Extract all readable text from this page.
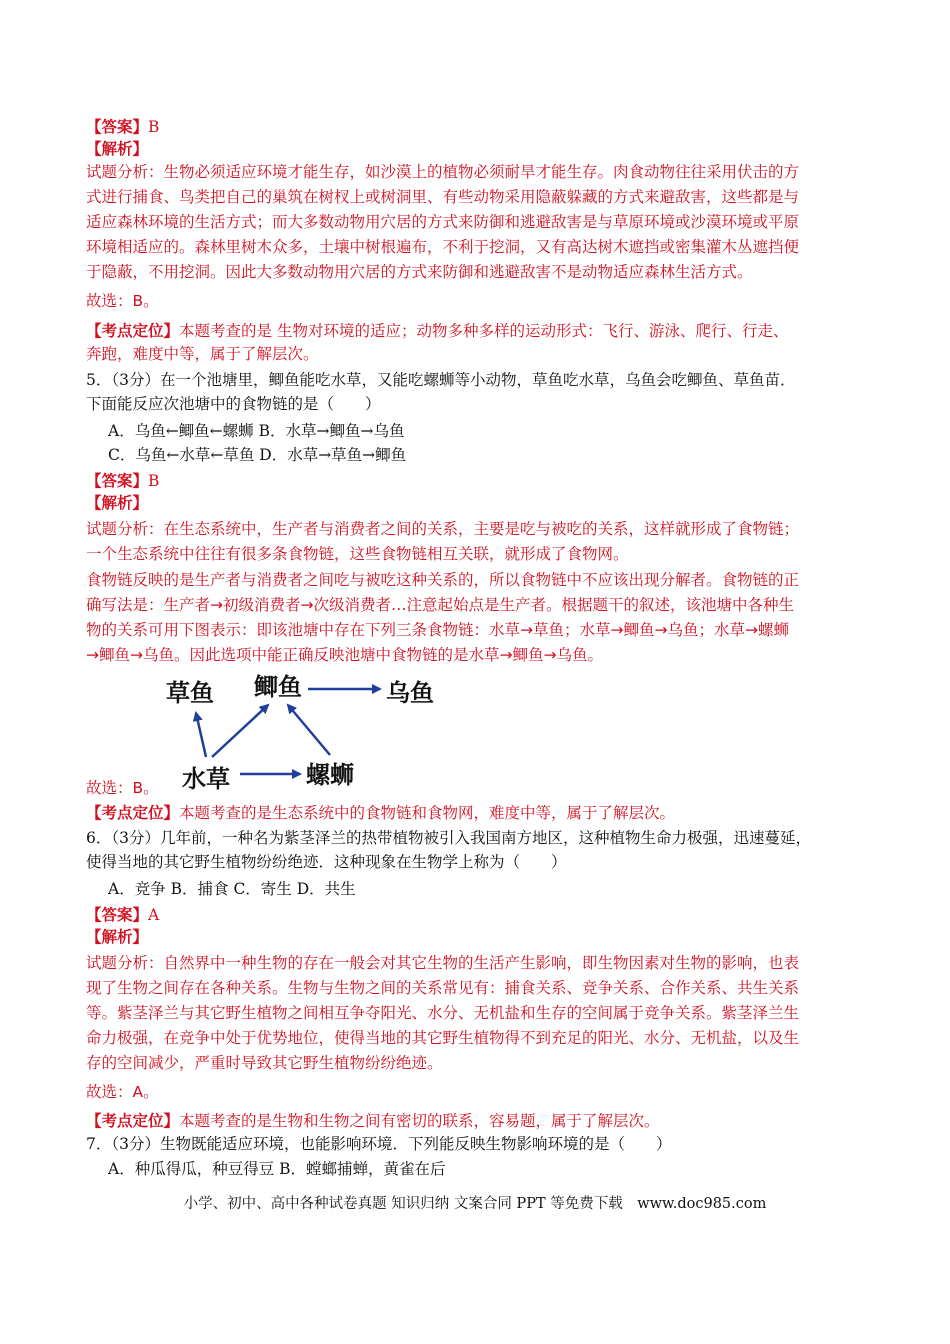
【答案】B
【解析】
试题分析：生物必须适应环境才能生存，如沙漠上的植物必须耐旱才能生存。肉食动物往往采用伏击的方
式进行捕食、鸟类把自己的巢筑在树杈上或树洞里、有些动物采用隐蔽躲藏的方式来避敌害，这些都是与
适应森林环境的生活方式；而大多数动物用穴居的方式来防御和逃避敌害是与草原环境或沙漠环境或平原
环境相适应的。森林里树木众多，土壤中树根遍布，不利于挖洞，又有高达树木遮挡或密集灌木丛遮挡便
于隐蔽，不用挖洞。因此大多数动物用穴居的方式来防御和逃避敌害不是动物适应森林生活方式。
故选：B。
【考点定位】本题考查的是 生物对环境的适应；动物多种多样的运动形式：飞行、游泳、爬行、行走、
奔跑，难度中等，属于了解层次。
5．（3分）在一个池塘里，鲫鱼能吃水草，又能吃螺蛳等小动物，草鱼吃水草，乌鱼会吃鲫鱼、草鱼苗．
下面能反应次池塘中的食物链的是（　　）
A．乌鱼←鲫鱼←螺蛳 B．水草→鲫鱼→乌鱼
C．乌鱼←水草←草鱼 D．水草→草鱼→鲫鱼
【答案】B
【解析】
试题分析：在生态系统中，生产者与消费者之间的关系，主要是吃与被吃的关系，这样就形成了食物链；
一个生态系统中往往有很多条食物链，这些食物链相互关联，就形成了食物网。
食物链反映的是生产者与消费者之间吃与被吃这种关系的，所以食物链中不应该出现分解者。食物链的正
确写法是：生产者→初级消费者→次级消费者…注意起始点是生产者。根据题干的叙述，该池塘中各种生
物的关系可用下图表示：即该池塘中存在下列三条食物链：水草→草鱼；水草→鲫鱼→乌鱼；水草→螺蛳
→鲫鱼→乌鱼。因此选项中能正确反映池塘中食物链的是水草→鲫鱼→乌鱼。
草鱼 鲫鱼	乌鱼
水草	螺蛳
故选：B。
【考点定位】本题考查的是生态系统中的食物链和食物网，难度中等，属于了解层次。
6．（3分）几年前，一种名为紫茎泽兰的热带植物被引入我国南方地区，这种植物生命力极强，迅速蔓延，
使得当地的其它野生植物纷纷绝迹．这种现象在生物学上称为（　　）
A．竞争 B．捕食 C．寄生 D．共生
【答案】A
【解析】
试题分析：自然界中一种生物的存在一般会对其它生物的生活产生影响，即生物因素对生物的影响，也表
现了生物之间存在各种关系。生物与生物之间的关系常见有：捕食关系、竞争关系、合作关系、共生关系
等。紫茎泽兰与其它野生植物之间相互争夺阳光、水分、无机盐和生存的空间属于竞争关系。紫茎泽兰生
命力极强，在竞争中处于优势地位，使得当地的其它野生植物得不到充足的阳光、水分、无机盐，以及生
存的空间减少，严重时导致其它野生植物纷纷绝迹。
故选：A。
【考点定位】本题考查的是生物和生物之间有密切的联系，容易题，属于了解层次。
7．（3分）生物既能适应环境，也能影响环境．下列能反映生物影响环境的是（　　）
A．种瓜得瓜，种豆得豆 B．螳螂捕蝉，黄雀在后
小学、初中、高中各种试卷真题 知识归纳 文案合同 PPT 等免费下载　www.doc985.com
